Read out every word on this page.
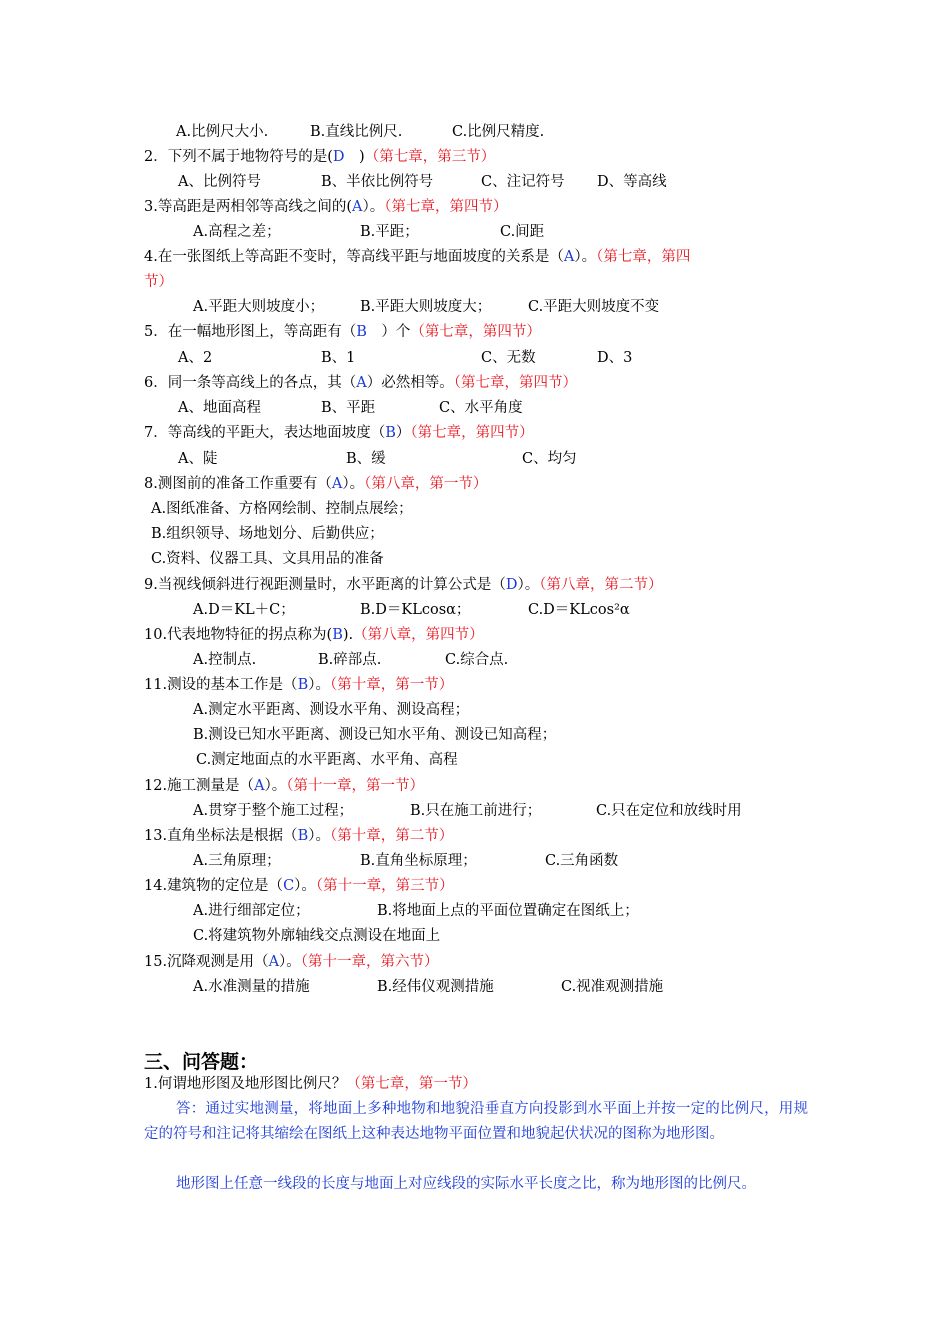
A.比例尺大小.	B.直线比例尺.	C.比例尺精度.
2．下列不属于地物符号的是(D　)（第七章，第三节）
A、比例符号	B、半依比例符号	C、注记符号 D、等高线
3.等高距是两相邻等高线之间的(A）。（第七章，第四节）
A.高程之差；	B.平距；	C.间距
4.在一张图纸上等高距不变时，等高线平距与地面坡度的关系是（A）。（第七章，第四
节）
A.平距大则坡度小； B.平距大则坡度大；	C.平距大则坡度不变
5．在一幅地形图上，等高距有（B　）个（第七章，第四节）
A、2	B、1	C、无数	D、3
6．同一条等高线上的各点，其（A）必然相等。（第七章，第四节）
A、地面高程	B、平距	C、水平角度
7．等高线的平距大，表达地面坡度（B）（第七章，第四节）
A、陡	B、缓	C、均匀
8.测图前的准备工作重要有（A）。（第八章，第一节）
A.图纸准备、方格网绘制、控制点展绘；
B.组织领导、场地划分、后勤供应；
C.资料、仪器工具、文具用品的准备
9.当视线倾斜进行视距测量时，水平距离的计算公式是（D）。（第八章，第二节）
A.D＝KL＋C；	B.D＝KLcosα；	C.D＝KLcos²α
10.代表地物特征的拐点称为(B).（第八章，第四节）
A.控制点.	B.碎部点.	C.综合点.
11.测设的基本工作是（B）。（第十章，第一节）
A.测定水平距离、测设水平角、测设高程；
B.测设已知水平距离、测设已知水平角、测设已知高程；
C.测定地面点的水平距离、水平角、高程
12.施工测量是（A）。（第十一章，第一节）
A.贯穿于整个施工过程；	B.只在施工前进行；	C.只在定位和放线时用
13.直角坐标法是根据（B）。（第十章，第二节）
A.三角原理；	B.直角坐标原理；	C.三角函数
14.建筑物的定位是（C）。（第十一章，第三节）
A.进行细部定位；	B.将地面上点的平面位置确定在图纸上；
C.将建筑物外廓轴线交点测设在地面上
15.沉降观测是用（A）。（第十一章，第六节）
A.水准测量的措施	B.经伟仪观测措施	C.视准观测措施
三、问答题：
1.何谓地形图及地形图比例尺？（第七章，第一节）
答：通过实地测量，将地面上多种地物和地貌沿垂直方向投影到水平面上并按一定的比例尺，用规定的符号和注记将其缩绘在图纸上这种表达地物平面位置和地貌起伏状况的图称为地形图。
地形图上任意一线段的长度与地面上对应线段的实际水平长度之比，称为地形图的比例尺。
